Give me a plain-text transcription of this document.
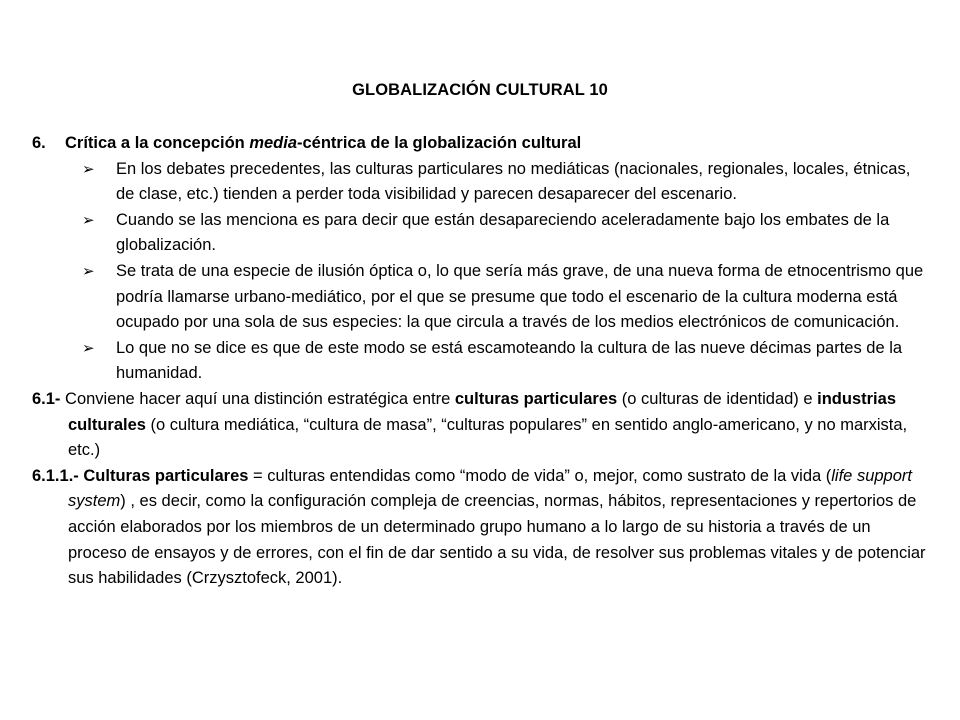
GLOBALIZACIÓN CULTURAL 10
6.	Crítica a la concepción media-céntrica de la globalización cultural
➢ En los debates precedentes, las culturas particulares no mediáticas (nacionales, regionales, locales, étnicas, de clase, etc.) tienden a perder toda visibilidad y parecen desaparecer del escenario.
➢ Cuando se las menciona es para decir que están desapareciendo aceleradamente bajo los embates de la globalización.
➢ Se trata de una especie de ilusión óptica o, lo que sería más grave, de una nueva forma de etnocentrismo que podría llamarse urbano-mediático, por el que se presume que todo el escenario de la cultura moderna está ocupado por una sola de sus especies: la que circula a través de los medios electrónicos de comunicación.
➢ Lo que no se dice es que de este modo se está escamoteando la cultura de las nueve décimas partes de la humanidad.

6.1- Conviene hacer aquí una distinción estratégica entre culturas particulares (o culturas de identidad) e industrias culturales (o cultura mediática, “cultura de masa”, “culturas populares” en sentido anglo-americano, y no marxista, etc.)

6.1.1.- Culturas particulares = culturas entendidas como “modo de vida” o, mejor, como sustrato de la vida (life support system) , es decir, como la configuración compleja de creencias, normas, hábitos, representaciones y repertorios de acción elaborados por los miembros de un determinado grupo humano a lo largo de su historia a través de un proceso de ensayos y de errores, con el fin de dar sentido a su vida, de resolver sus problemas vitales y de potenciar sus habilidades (Crzysztofeck, 2001).
